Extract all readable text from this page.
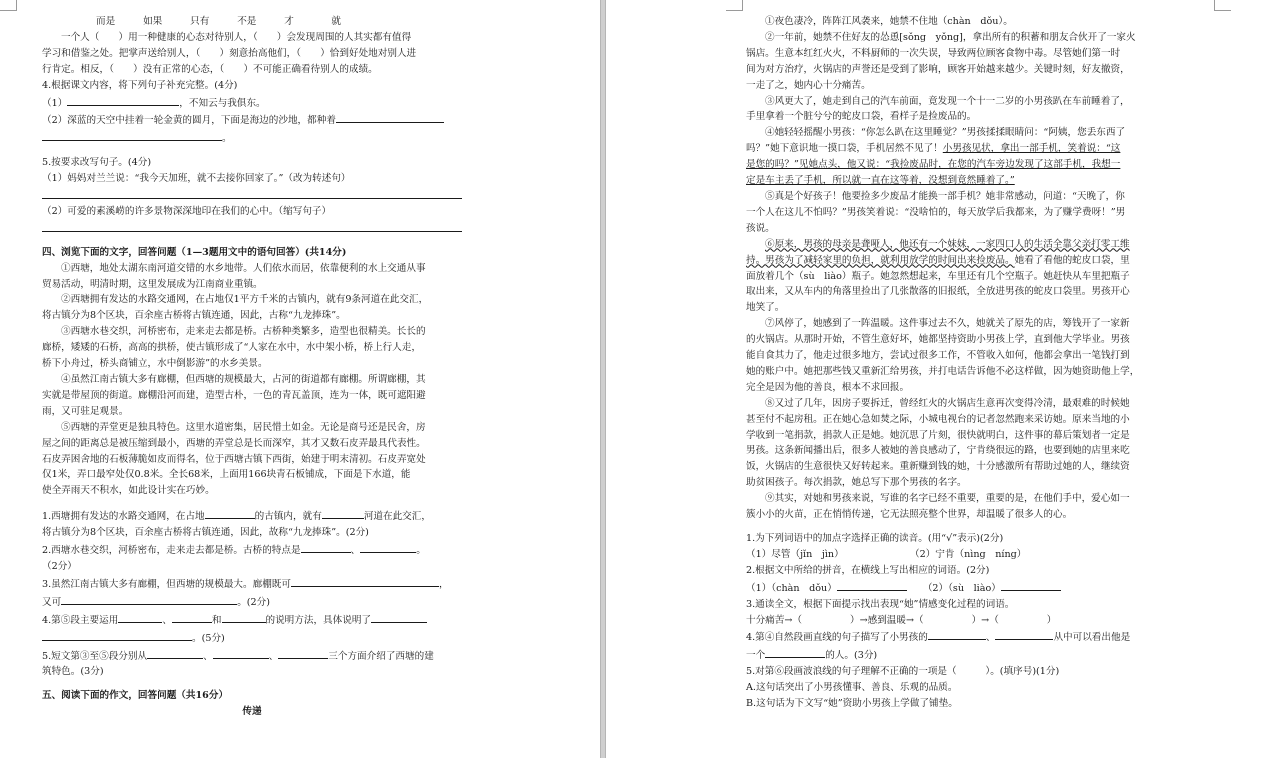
而是	如果	只有	不是	才	就
一个人（　　）用一种健康的心态对待别人，（　　）会发现周围的人其实都有值得
学习和借鉴之处。把掌声送给别人，（　　）刻意抬高他们，（　　）恰到好处地对别人进
行肯定。相反，（　　）没有正常的心态，（　　）不可能正确看待别人的成绩。
4.根据课文内容，将下列句子补充完整。(4分)
（1）	，不知云与我俱东。
（2）深蓝的天空中挂着一轮金黄的圆月，下面是海边的沙地，都种着
。
5.按要求改写句子。(4分)
（1）妈妈对兰兰说：“我今天加班，就不去接你回家了。”（改为转述句）
（2）可爱的素溪崂的许多景物深深地印在我们的心中。（缩写句子）
四、浏览下面的文字，回答问题（1—3题用文中的语句回答）(共14分)
①西塘，地处太湖东南河道交错的水乡地带。人们依水而居，依靠便利的水上交通从事
贸易活动，明清时期，这里发展成为江南商业重镇。
②西塘拥有发达的水路交通网，在占地仅1平方千米的古镇内，就有9条河道在此交汇，
将古镇分为8个区块，百余座古桥将古镇连通，因此，古称“九龙捧珠”。
③西塘水巷交织，河桥密布，走来走去都是桥。古桥种类繁多，造型也很精美。长长的
廊桥，矮矮的石桥，高高的拱桥，使古镇形成了“人家在水中，水中架小桥，桥上行人走，
桥下小舟过，桥头商铺立，水中倒影游”的水乡美景。
④虽然江南古镇大多有廊棚，但西塘的规模最大，占河的街道都有廊棚。所谓廊棚，其
实就是带屋顶的街道。廊棚沿河而建，造型古朴，一色的青瓦盖顶，连为一体，既可遮阳避
雨，又可驻足观景。
⑤西塘的弄堂更是独具特色。这里水道密集，居民惜土如金。无论是商号还是民舍，房
屋之间的距离总是被压缩到最小，西塘的弄堂总是长而深窄，其才又数石皮弄最具代表性。
石皮弄困舍地的石板薄脆如皮而得名，位于西塘古镇下西街，始建于明末清初。石皮弄宽处
仅1米，弄口最窄处仅0.8米。全长68米，上面用166块青石板铺成，下面是下水道，能
使全弄雨天不积水，如此设计实在巧妙。
1.西塘拥有发达的水路交通网，在占地	的古镇内，就有	河道在此交汇，
将古镇分为8个区块，百余座古桥将古镇连通，因此，故称“九龙捧珠”。(2分)
2.西塘水巷交织，河桥密布，走来走去都是桥。古桥的特点是	、	。
（2分）
3.虽然江南古镇大多有廊棚，但西塘的规模最大。廊棚既可	，
又可	。(2分)
4.第⑤段主要运用	、	和	的说明方法，具体说明了
。(5分)
5.短文第③至⑤段分别从	、	、	三个方面介绍了西塘的建
筑特色。(3分)
五、阅读下面的作文，回答问题（共16分）
传递
①夜色凄冷，阵阵江风袭来，她禁不住地（chàn　dǒu）。
②一年前，她禁不住好友的怂恿[sǒng　yǒng]，拿出所有的积蓄和朋友合伙开了一家火
锅店。生意本红红火火，不料厨师的一次失误，导致两位顾客食物中毒。尽管她们第一时
间为对方治疗，火锅店的声誉还是受到了影响，顾客开始越来越少。关键时刻，好友撤资，
一走了之，她内心十分痛苦。
③风更大了，她走到自己的汽车前面，竟发现一个十一二岁的小男孩趴在车前睡着了，
手里拿着一个脏兮兮的蛇皮口袋，看样子是捡废品的。
④她轻轻摇醒小男孩：“你怎么趴在这里睡觉？”男孩揉揉眼睛问：“阿姨，您丢东西了
吗？”她下意识地一摸口袋，手机居然不见了！小男孩见状，拿出一部手机，笑着说：“这
是您的吗？”见她点头，他又说：“我捡废品时，在您的汽车旁边发现了这部手机，我想一
定是车主丢了手机，所以就一直在这等着，没想到竟然睡着了。”
⑤真是个好孩子！他要捡多少废品才能换一部手机？她非常感动，问道：“天晚了，你
一个人在这儿不怕吗？”男孩笑着说：“没啥怕的，每天放学后我都来，为了赚学费呀！”男
孩说。
⑥原来，男孩的母亲是聋哑人，他还有一个妹妹，一家四口人的生活全靠父亲打零工维
持。男孩为了减轻家里的负担，就利用放学的时间出来捡废品。她看了看他的蛇皮口袋，里
面放着几个（sù　liào）瓶子。她忽然想起来，车里还有几个空瓶子。她赶快从车里把瓶子
取出来，又从车内的角落里捡出了几张散落的旧报纸，全放进男孩的蛇皮口袋里。男孩开心
地笑了。
⑦风停了，她感到了一阵温暖。这件事过去不久，她就关了原先的店，筹钱开了一家新
的火锅店。从那时开始，不管生意好坏，她都坚持资助小男孩上学，直到他大学毕业。男孩
能自食其力了，他走过很多地方，尝试过很多工作，不管收入如何，他都会拿出一笔钱打到
她的账户中。她把那些钱又重新汇给男孩，并打电话告诉他不必这样做，因为她资助他上学，
完全是因为他的善良，根本不求回报。
⑧又过了几年，因房子要拆迁，曾经红火的火锅店生意再次变得冷清，最艰难的时候她
甚至付不起房租。正在她心急如焚之际，小城电视台的记者忽然跑来采访她。原来当地的小
学收到一笔捐款，捐款人正是她。她沉思了片刻，很快就明白，这件事的幕后策划者一定是
男孩。这条新闻播出后，很多人被她的善良感动了，宁肯绕很远的路，也要到她的店里来吃
饭，火锅店的生意很快又好转起来。重新赚到钱的她，十分感激所有帮助过她的人，继续资
助贫困孩子。每次捐款，她总写下那个男孩的名字。
⑨其实，对她和男孩来说，写谁的名字已经不重要，重要的是，在他们手中，爱心如一
簇小小的火苗，正在悄悄传递，它无法照亮整个世界，却温暖了很多人的心。
1.为下列词语中的加点字选择正确的读音。(用“√”表示)(2分)
（1）尽管（jǐn　jìn）	（2）宁肯（nìng　níng）
2.根据文中所给的拼音，在横线上写出相应的词语。(2分)
（1）（chàn　dǒu）	（2）（sù　liào）
3.通读全文，根据下面提示找出表现“她”情感变化过程的词语。
十分痛苦→（　　　　　）→感到温暖→（　　　　　）→（　　　　　）
4.第④自然段画直线的句子描写了小男孩的	、	从中可以看出他是
一个	的人。(3分)
5.对第⑥段画波浪线的句子理解不正确的一项是（　　　）。(填序号)(1分)
A.这句话突出了小男孩懂事、善良、乐观的品质。
B.这句话为下文写“她”资助小男孩上学做了铺垫。
